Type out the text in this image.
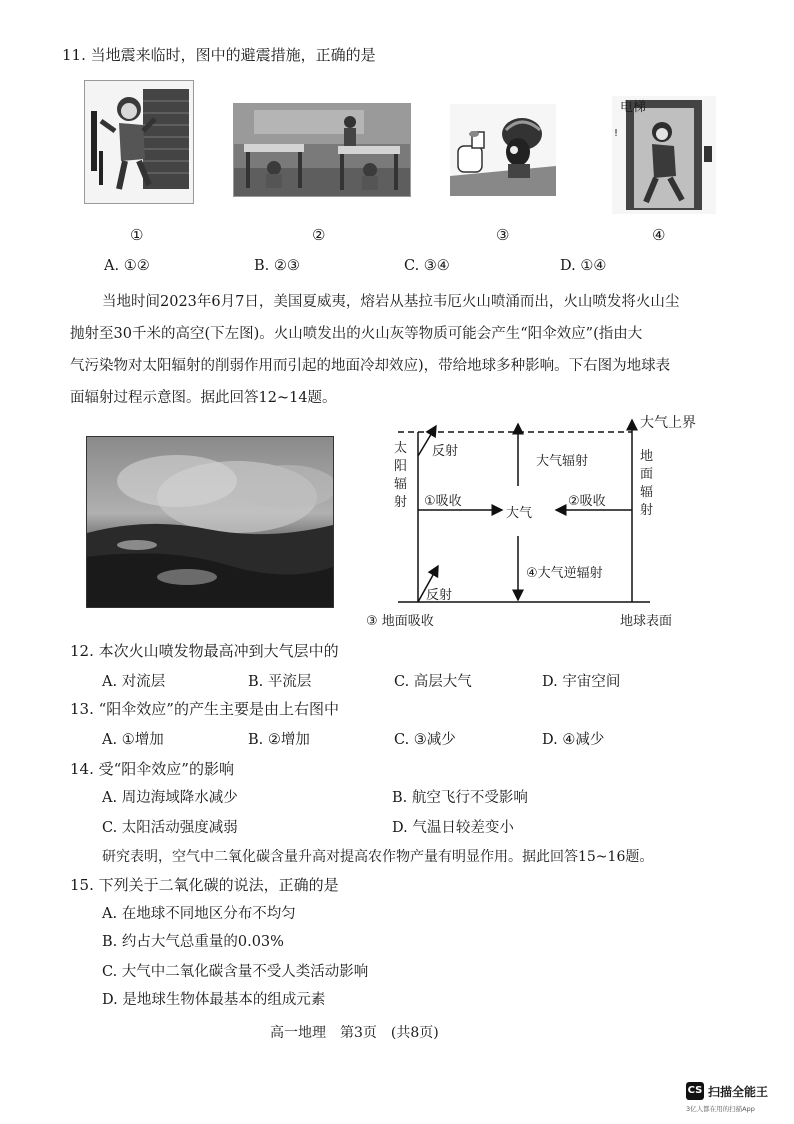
11. 当地震来临时，图中的避震措施，正确的是
①	②	③
!
电梯
④
A. ①②	B. ②③	C. ③④	D. ①④
当地时间2023年6月7日，美国夏威夷，熔岩从基拉韦厄火山喷涌而出，火山喷发将火山尘
抛射至30千米的高空(下左图)。火山喷发出的火山灰等物质可能会产生“阳伞效应”(指由大
气污染物对太阳辐射的削弱作用而引起的地面冷却效应)，带给地球多种影响。下右图为地球表
面辐射过程示意图。据此回答12~14题。
大气上界
太阳辐射
地面辐射
反射
大气辐射
①吸收	②吸收
大气
反射
④大气逆辐射
③ 地面吸收	地球表面
12. 本次火山喷发物最高冲到大气层中的
A. 对流层	B. 平流层	C. 高层大气	D. 宇宙空间
13. “阳伞效应”的产生主要是由上右图中
A. ①增加	B. ②增加	C. ③减少	D. ④减少
14. 受“阳伞效应”的影响
A. 周边海域降水减少	B. 航空飞行不受影响
C. 太阳活动强度减弱	D. 气温日较差变小
研究表明，空气中二氧化碳含量升高对提高农作物产量有明显作用。据此回答15~16题。
15. 下列关于二氧化碳的说法，正确的是
A. 在地球不同地区分布不均匀
B. 约占大气总重量的0.03%
C. 大气中二氧化碳含量不受人类活动影响
D. 是地球生物体最基本的组成元素
高一地理　第3页　(共8页)
CS 扫描全能王
3亿人都在用的扫描App
